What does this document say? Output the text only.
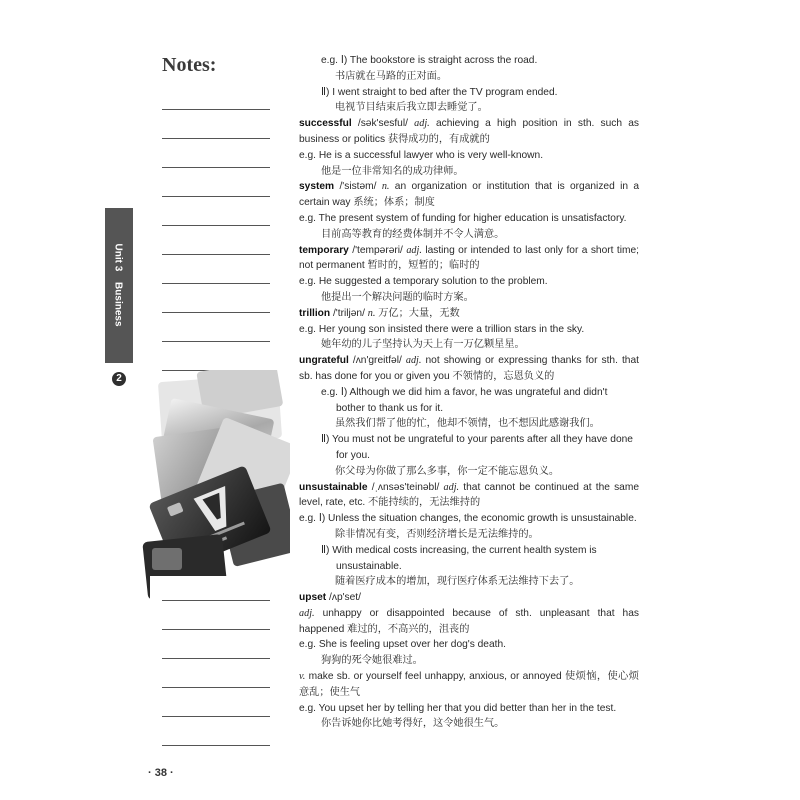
Notes:
Unit 3 Business
2

e.g. Ⅰ) The bookstore is straight across the road.

书店就在马路的正对面。

Ⅱ) I went straight to bed after the TV program ended.

电视节目结束后我立即去睡觉了。

successful /sək'sesful/ adj. achieving a high position in sth. such as business or politics 获得成功的，有成就的

e.g. He is a successful lawyer who is very well-known.

他是一位非常知名的成功律师。

system /'sistəm/ n. an organization or institution that is organized in a certain way 系统；体系；制度

e.g. The present system of funding for higher education is unsatisfactory.

目前高等教育的经费体制并不令人满意。

temporary /'tempərəri/ adj. lasting or intended to last only for a short time; not permanent 暂时的，短暂的；临时的

e.g. He suggested a temporary solution to the problem.

他提出一个解决问题的临时方案。

trillion /'triljən/ n. 万亿；大量，无数

e.g. Her young son insisted there were a trillion stars in the sky.

她年幼的儿子坚持认为天上有一万亿颗星星。

ungrateful /ʌn'greitfəl/ adj. not showing or expressing thanks for sth. that sb. has done for you or given you 不领情的，忘恩负义的

e.g. Ⅰ) Although we did him a favor, he was ungrateful and didn't bother to thank us for it.

虽然我们帮了他的忙，他却不领情，也不想因此感谢我们。

Ⅱ) You must not be ungrateful to your parents after all they have done for you.

你父母为你做了那么多事，你一定不能忘恩负义。

unsustainable /ˌʌnsəs'teinəbl/ adj. that cannot be continued at the same level, rate, etc. 不能持续的，无法维持的

e.g. Ⅰ) Unless the situation changes, the economic growth is unsustainable.

除非情况有变，否则经济增长是无法维持的。

Ⅱ) With medical costs increasing, the current health system is unsustainable.

随着医疗成本的增加，现行医疗体系无法维持下去了。

upset /ʌp'set/

adj. unhappy or disappointed because of sth. unpleasant that has happened 难过的，不高兴的，沮丧的

e.g. She is feeling upset over her dog's death.

狗狗的死令她很难过。

v. make sb. or yourself feel unhappy, anxious, or annoyed 使烦恼，使心烦意乱；使生气

e.g. You upset her by telling her that you did better than her in the test.

你告诉她你比她考得好，这令她很生气。

· 38 ·
